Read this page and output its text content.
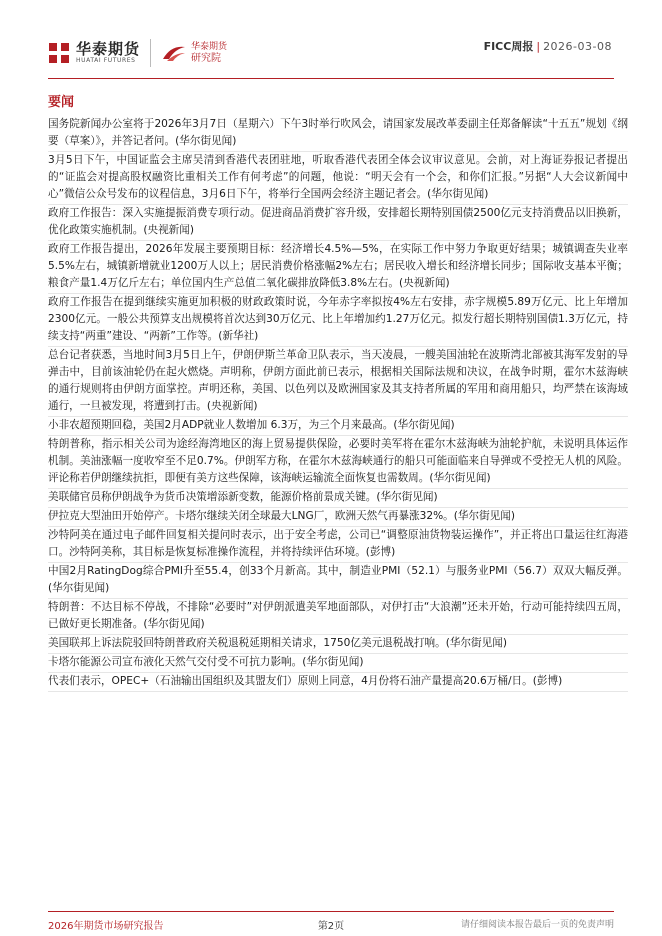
华泰期货
HUATAI FUTURES
华泰期货
研究院
FICC周报 | 2026-03-08
要闻

国务院新闻办公室将于2026年3月7日（星期六）下午3时举行吹风会，请国家发展改革委副主任郑备解读“十五五”规划《纲要（草案）》，并答记者问。(华尔街见闻)

3月5日下午，中国证监会主席吴清到香港代表团驻地，听取香港代表团全体会议审议意见。会前，对上海证券报记者提出的“证监会对提高股权融资比重相关工作有何考虑”的问题，他说：“明天会有一个会，和你们汇报。”另据“人大会议新闻中心”微信公众号发布的议程信息，3月6日下午，将举行全国两会经济主题记者会。(华尔街见闻)

政府工作报告：深入实施提振消费专项行动。促进商品消费扩容升级，安排超长期特别国债2500亿元支持消费品以旧换新，优化政策实施机制。(央视新闻)

政府工作报告提出，2026年发展主要预期目标：经济增长4.5%—5%，在实际工作中努力争取更好结果；城镇调查失业率5.5%左右，城镇新增就业1200万人以上；居民消费价格涨幅2%左右；居民收入增长和经济增长同步；国际收支基本平衡；粮食产量1.4万亿斤左右；单位国内生产总值二氧化碳排放降低3.8%左右。(央视新闻)

政府工作报告在提到继续实施更加积极的财政政策时说，今年赤字率拟按4%左右安排，赤字规模5.89万亿元、比上年增加2300亿元。一般公共预算支出规模将首次达到30万亿元、比上年增加约1.27万亿元。拟发行超长期特别国债1.3万亿元，持续支持“两重”建设、“两新”工作等。(新华社)

总台记者获悉，当地时间3月5日上午，伊朗伊斯兰革命卫队表示，当天凌晨，一艘美国油轮在波斯湾北部被其海军发射的导弹击中，目前该油轮仍在起火燃烧。声明称，伊朗方面此前已表示，根据相关国际法规和决议，在战争时期，霍尔木兹海峡的通行规则将由伊朗方面掌控。声明还称，美国、以色列以及欧洲国家及其支持者所属的军用和商用船只，均严禁在该海域通行，一旦被发现，将遭到打击。(央视新闻)

小非农超预期回稳，美国2月ADP就业人数增加 6.3万，为三个月来最高。(华尔街见闻)

特朗普称，指示相关公司为途经海湾地区的海上贸易提供保险，必要时美军将在霍尔木兹海峡为油轮护航，未说明具体运作机制。美油涨幅一度收窄至不足0.7%。伊朗军方称，在霍尔木兹海峡通行的船只可能面临来自导弹或不受控无人机的风险。评论称若伊朗继续抗拒，即便有美方这些保障，该海峡运输流全面恢复也需数周。(华尔街见闻)

美联储官员称伊朗战争为货币决策增添新变数，能源价格前景成关键。(华尔街见闻)

伊拉克大型油田开始停产。卡塔尔继续关闭全球最大LNG厂，欧洲天然气再暴涨32%。(华尔街见闻)

沙特阿美在通过电子邮件回复相关提问时表示，出于安全考虑，公司已“调整原油货物装运操作”，并正将出口量运往红海港口。沙特阿美称，其目标是恢复标准操作流程，并将持续评估环境。(彭博)

中国2月RatingDog综合PMI升至55.4，创33个月新高。其中，制造业PMI（52.1）与服务业PMI（56.7）双双大幅反弹。(华尔街见闻)

特朗普：不达目标不停战，不排除“必要时”对伊朗派遣美军地面部队，对伊打击“大浪潮”还未开始，行动可能持续四五周，已做好更长期准备。(华尔街见闻)

美国联邦上诉法院驳回特朗普政府关税退税延期相关请求，1750亿美元退税战打响。(华尔街见闻)

卡塔尔能源公司宣布液化天然气交付受不可抗力影响。(华尔街见闻)

代表们表示，OPEC+（石油输出国组织及其盟友们）原则上同意，4月份将石油产量提高20.6万桶/日。(彭博)

2026年期货市场研究报告	第2页	请仔细阅读本报告最后一页的免责声明
